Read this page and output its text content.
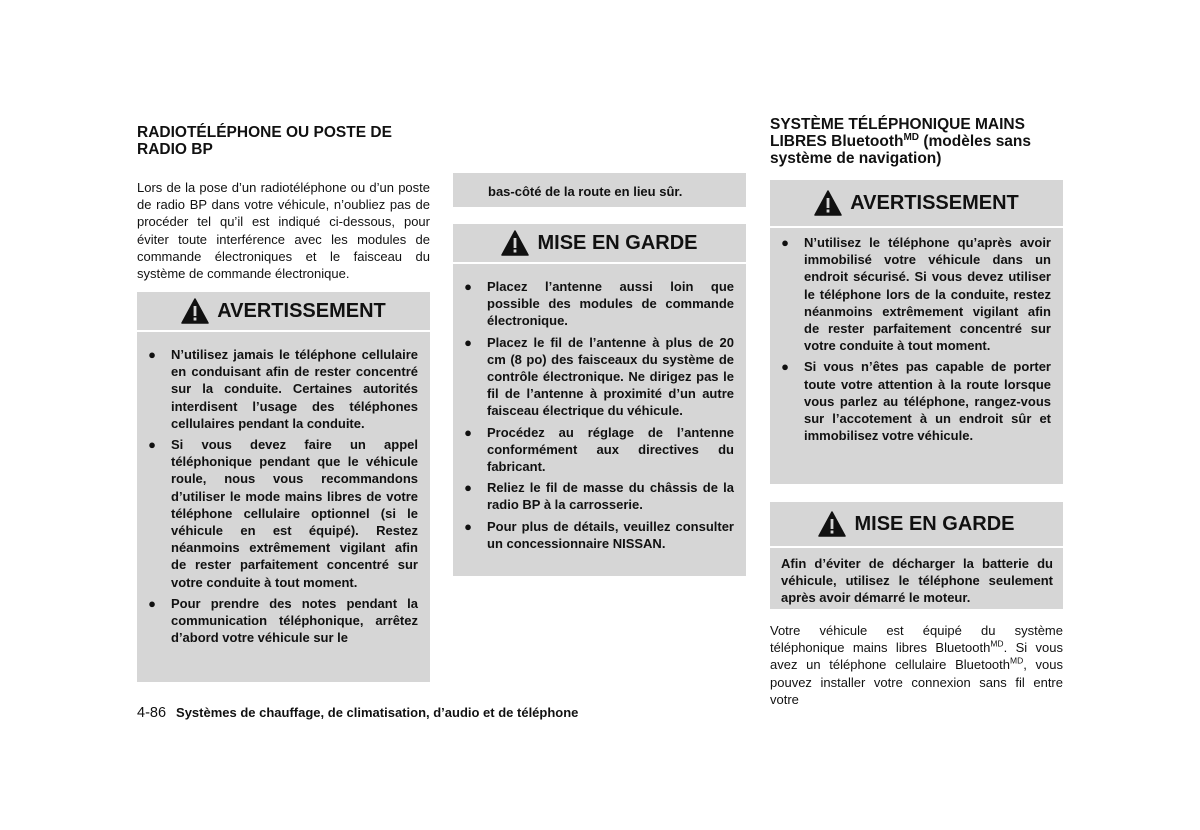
RADIOTÉLÉPHONE OU POSTE DE
RADIO BP

Lors de la pose d’un radiotéléphone ou d’un poste de radio BP dans votre véhicule, n’oubliez pas de procéder tel qu’il est indiqué ci-dessous, pour éviter toute interférence avec les modules de commande électroniques et le faisceau du système de commande électronique.

AVERTISSEMENT
● N’utilisez jamais le téléphone cellulaire en conduisant afin de rester concentré sur la conduite. Certaines autorités interdisent l’usage des téléphones cellulaires pendant la conduite.
● Si vous devez faire un appel téléphonique pendant que le véhicule roule, nous vous recommandons d’utiliser le mode mains libres de votre téléphone cellulaire optionnel (si le véhicule en est équipé). Restez néanmoins extrêmement vigilant afin de rester parfaitement concentré sur votre conduite à tout moment.
● Pour prendre des notes pendant la communication téléphonique, arrêtez d’abord votre véhicule sur le

bas-côté de la route en lieu sûr.

MISE EN GARDE
● Placez l’antenne aussi loin que possible des modules de commande électronique.
● Placez le fil de l’antenne à plus de 20 cm (8 po) des faisceaux du système de contrôle électronique. Ne dirigez pas le fil de l’antenne à proximité d’un autre faisceau électrique du véhicule.
● Procédez au réglage de l’antenne conformément aux directives du fabricant.
● Reliez le fil de masse du châssis de la radio BP à la carrosserie.
● Pour plus de détails, veuillez consulter un concessionnaire NISSAN.
SYSTÈME TÉLÉPHONIQUE MAINS
LIBRES Bluetooth$^{MD}$ (modèles sans
système de navigation)
AVERTISSEMENT
● N’utilisez le téléphone qu’après avoir immobilisé votre véhicule dans un endroit sécurisé. Si vous devez utiliser le téléphone lors de la conduite, restez néanmoins extrêmement vigilant afin de rester parfaitement concentré sur votre conduite à tout moment.
● Si vous n’êtes pas capable de porter toute votre attention à la route lorsque vous parlez au téléphone, rangez-vous sur l’accotement à un endroit sûr et immobilisez votre véhicule.
MISE EN GARDE

Afin d’éviter de décharger la batterie du véhicule, utilisez le téléphone seulement après avoir démarré le moteur.

Votre véhicule est équipé du système téléphonique mains libres Bluetooth$^{MD}$. Si vous avez un téléphone cellulaire Bluetooth$^{MD}$, vous pouvez installer votre connexion sans fil entre votre

4-86 Systèmes de chauffage, de climatisation, d’audio et de téléphone
